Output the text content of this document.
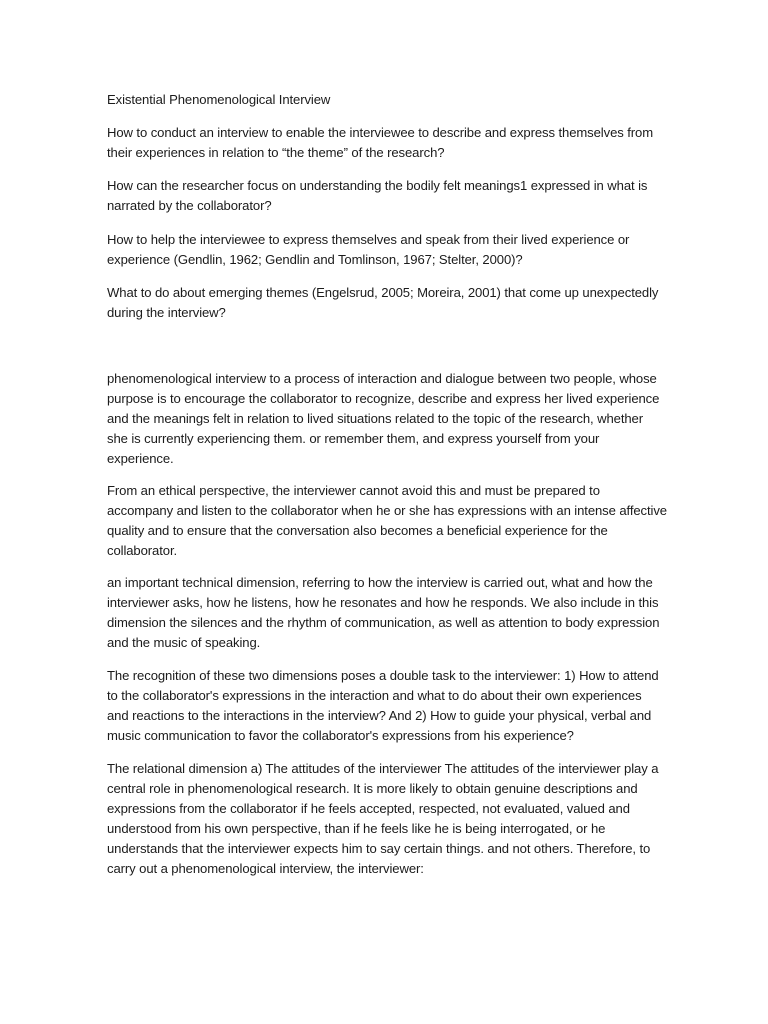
Existential Phenomenological Interview

How to conduct an interview to enable the interviewee to describe and express themselves from
their experiences in relation to “the theme” of the research?

How can the researcher focus on understanding the bodily felt meanings1 expressed in what is
narrated by the collaborator?

How to help the interviewee to express themselves and speak from their lived experience or
experience (Gendlin, 1962; Gendlin and Tomlinson, 1967; Stelter, 2000)?

What to do about emerging themes (Engelsrud, 2005; Moreira, 2001) that come up unexpectedly
during the interview?

phenomenological interview to a process of interaction and dialogue between two people, whose
purpose is to encourage the collaborator to recognize, describe and express her lived experience
and the meanings felt in relation to lived situations related to the topic of the research, whether
she is currently experiencing them. or remember them, and express yourself from your
experience.

From an ethical perspective, the interviewer cannot avoid this and must be prepared to
accompany and listen to the collaborator when he or she has expressions with an intense affective
quality and to ensure that the conversation also becomes a beneficial experience for the
collaborator.

an important technical dimension, referring to how the interview is carried out, what and how the
interviewer asks, how he listens, how he resonates and how he responds. We also include in this
dimension the silences and the rhythm of communication, as well as attention to body expression
and the music of speaking.

The recognition of these two dimensions poses a double task to the interviewer: 1) How to attend
to the collaborator's expressions in the interaction and what to do about their own experiences
and reactions to the interactions in the interview? And 2) How to guide your physical, verbal and
music communication to favor the collaborator's expressions from his experience?

The relational dimension a) The attitudes of the interviewer The attitudes of the interviewer play a
central role in phenomenological research. It is more likely to obtain genuine descriptions and
expressions from the collaborator if he feels accepted, respected, not evaluated, valued and
understood from his own perspective, than if he feels like he is being interrogated, or he
understands that the interviewer expects him to say certain things. and not others. Therefore, to
carry out a phenomenological interview, the interviewer:
